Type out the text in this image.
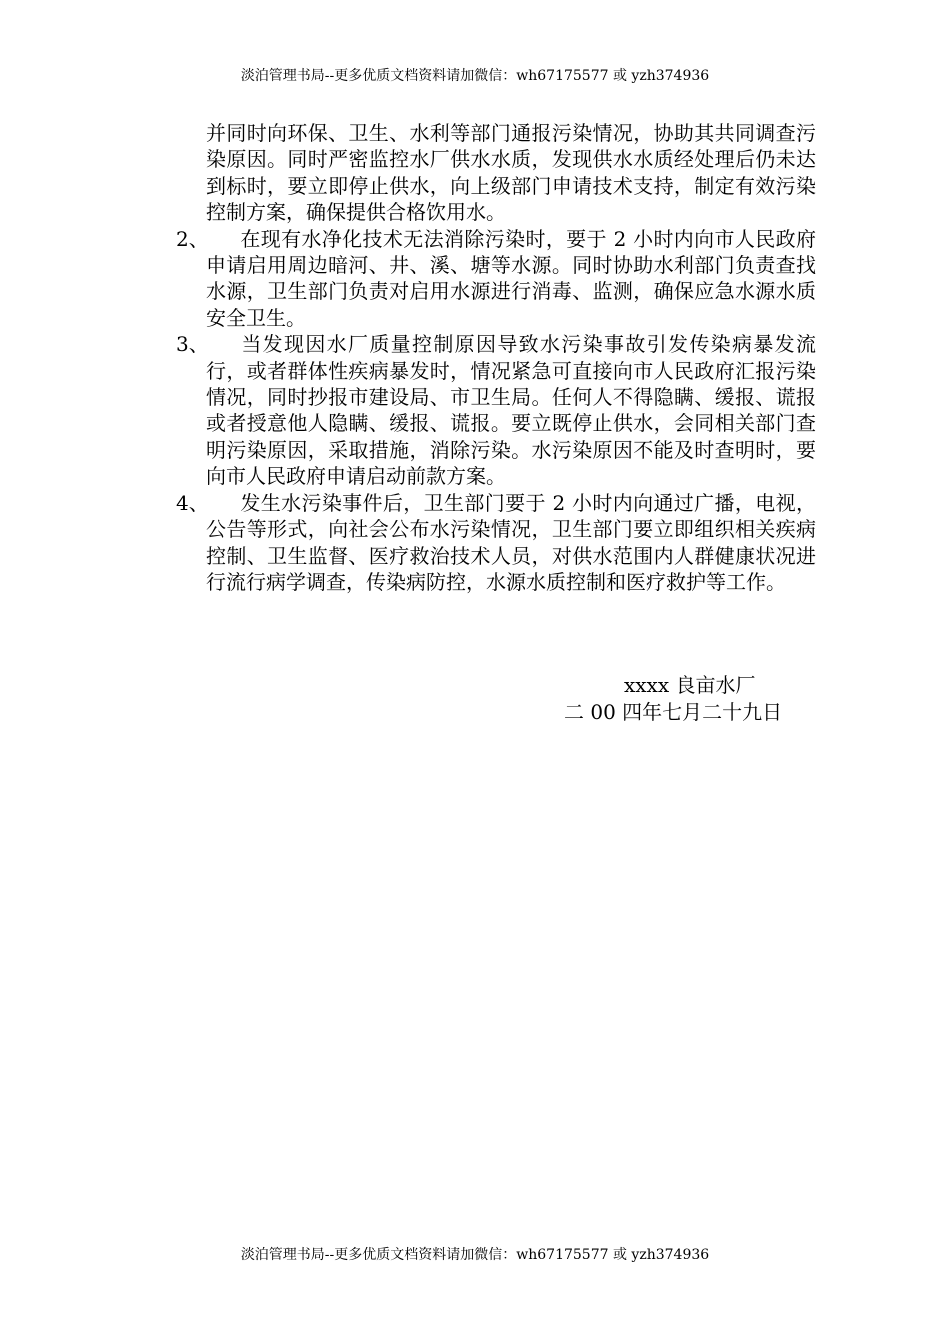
淡泊管理书局--更多优质文档资料请加微信：wh67175577 或 yzh374936
并同时向环保、卫生、水利等部门通报污染情况，协助其共同调查污染原因。同时严密监控水厂供水水质，发现供水水质经处理后仍未达到标时，要立即停止供水，向上级部门申请技术支持，制定有效污染控制方案，确保提供合格饮用水。
2、	在现有水净化技术无法消除污染时，要于 2 小时内向市人民政府申请启用周边暗河、井、溪、塘等水源。同时协助水利部门负责查找水源，卫生部门负责对启用水源进行消毒、监测，确保应急水源水质安全卫生。
3、	当发现因水厂质量控制原因导致水污染事故引发传染病暴发流行，或者群体性疾病暴发时，情况紧急可直接向市人民政府汇报污染情况，同时抄报市建设局、市卫生局。任何人不得隐瞒、缓报、谎报或者授意他人隐瞒、缓报、谎报。要立既停止供水，会同相关部门查明污染原因，采取措施，消除污染。水污染原因不能及时查明时，要向市人民政府申请启动前款方案。
4、	发生水污染事件后，卫生部门要于 2 小时内向通过广播，电视，公告等形式，向社会公布水污染情况，卫生部门要立即组织相关疾病控制、卫生监督、医疗救治技术人员，对供水范围内人群健康状况进行流行病学调查，传染病防控，水源水质控制和医疗救护等工作。
xxxx 良亩水厂
二 00 四年七月二十九日
淡泊管理书局--更多优质文档资料请加微信：wh67175577 或 yzh374936
